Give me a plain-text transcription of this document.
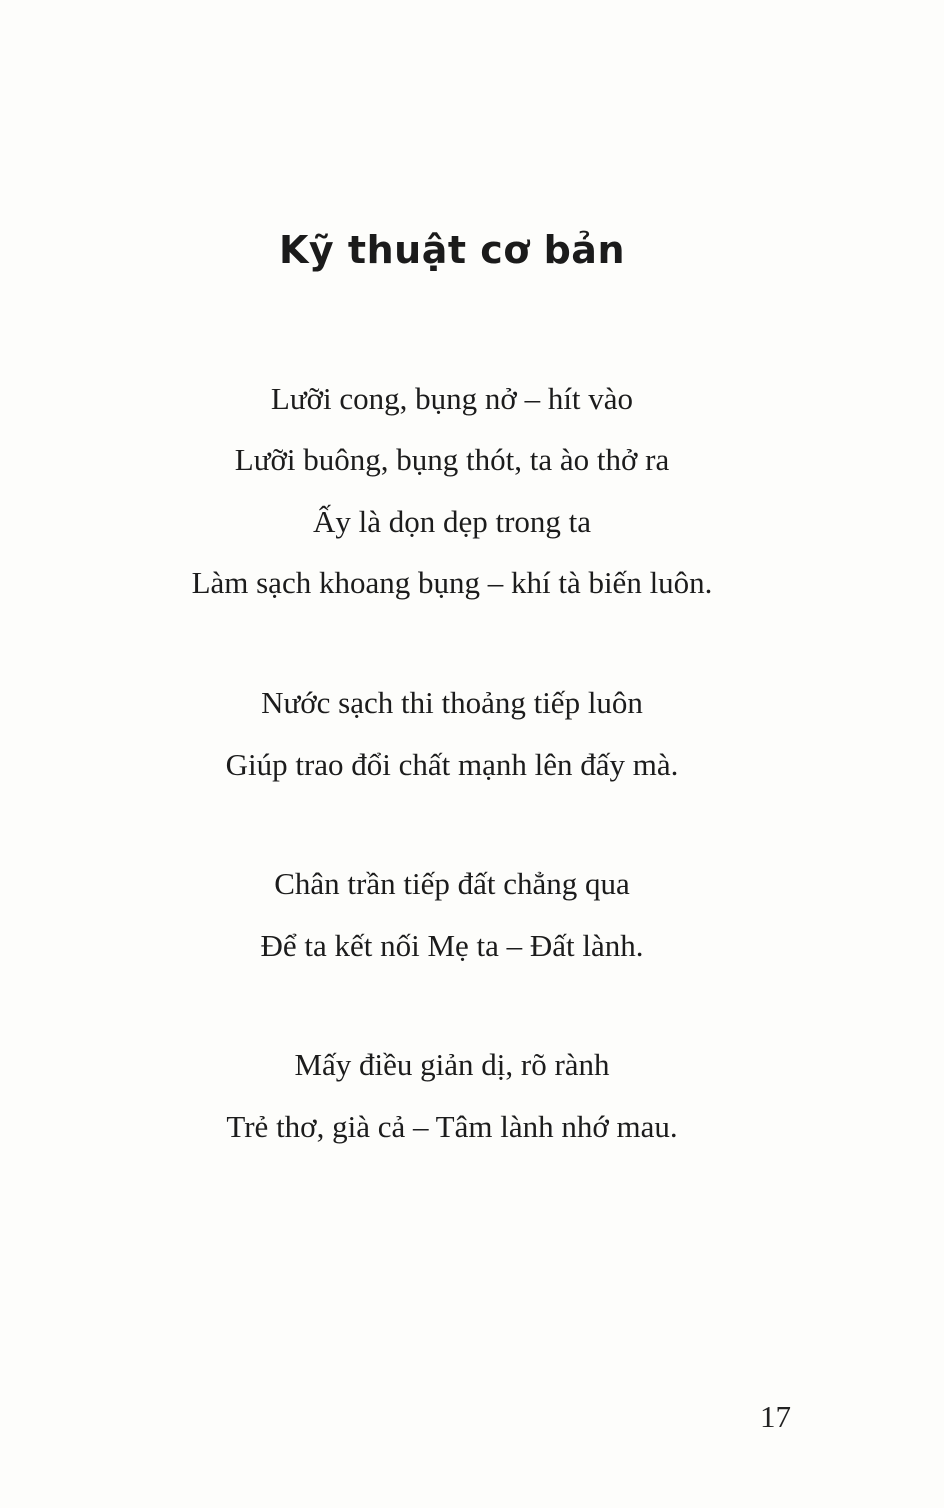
Kỹ thuật cơ bản
Lưỡi cong, bụng nở – hít vào
Lưỡi buông, bụng thót, ta ào thở ra
Ấy là dọn dẹp trong ta
Làm sạch khoang bụng – khí tà biến luôn.
Nước sạch thi thoảng tiếp luôn
Giúp trao đổi chất mạnh lên đấy mà.
Chân trần tiếp đất chẳng qua
Để ta kết nối Mẹ ta – Đất lành.
Mấy điều giản dị, rõ rành
Trẻ thơ, già cả – Tâm lành nhớ mau.
17
